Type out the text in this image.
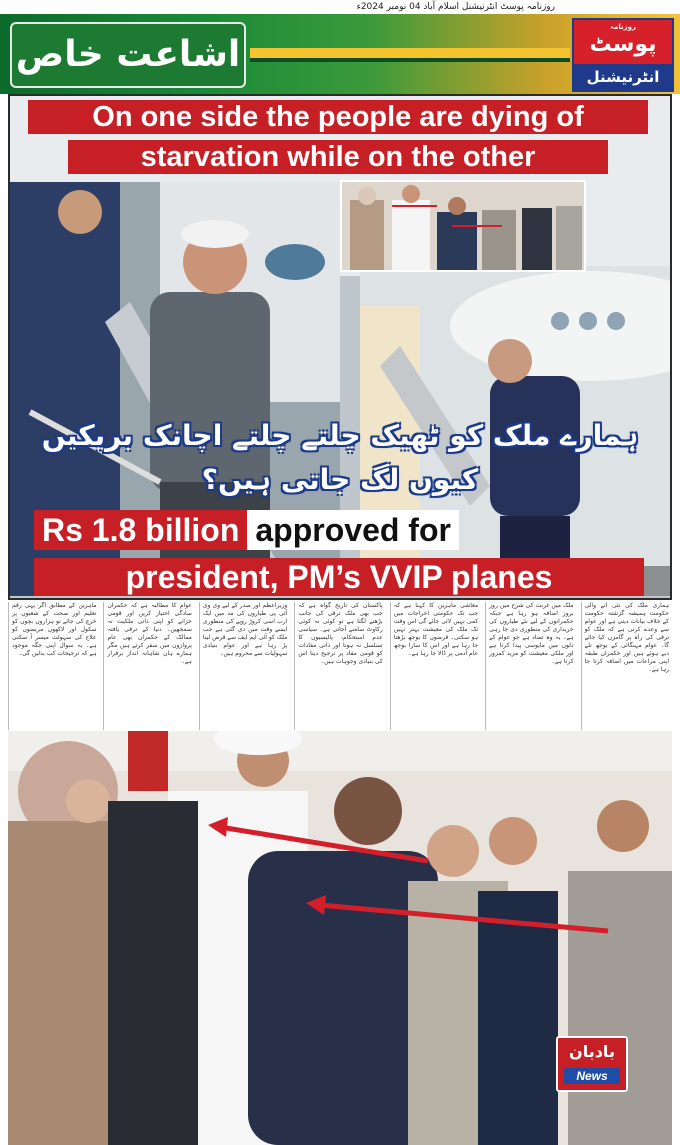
روزنامہ پوسٹ انٹرنیشنل اسلام آباد 04 نومبر 2024ء
اشاعت خاص
روزنامہ
پوسٹ
انٹرنیشنل
On one side the people are dying of
starvation while on the other
ہمارے ملک کو ٹھیک چلتے چلتے اچانک بریکیں کیوں لگ جاتی ہیں؟
Rs 1.8 billion approved for
president, PM’s VVIP planes
ہماری ملک کی نئی آنے والی حکومت ہمیشہ گزشتہ حکومت کے خلاف بیانات دیتی ہے اور عوام سے وعدے کرتی ہے کہ ملک کو ترقی کی راہ پر گامزن کیا جائے گا۔ عوام مہنگائی کے بوجھ تلے دبے ہوئے ہیں اور حکمران طبقہ اپنی مراعات میں اضافہ کرتا جا رہا ہے۔
ملک میں غربت کی شرح میں روز بروز اضافہ ہو رہا ہے جبکہ حکمرانوں کے لیے نئے طیاروں کی خریداری کی منظوری دی جا رہی ہے۔ یہ وہ تضاد ہے جو عوام کے دلوں میں مایوسی پیدا کرتا ہے اور ملکی معیشت کو مزید کمزور کرتا ہے۔
معاشی ماہرین کا کہنا ہے کہ جب تک حکومتی اخراجات میں کمی نہیں لائی جائے گی اس وقت تک ملک کی معیشت بہتر نہیں ہو سکتی۔ قرضوں کا بوجھ بڑھتا جا رہا ہے اور اس کا سارا بوجھ عام آدمی پر ڈالا جا رہا ہے۔
پاکستان کی تاریخ گواہ ہے کہ جب بھی ملک ترقی کی جانب بڑھنے لگتا ہے تو کوئی نہ کوئی رکاوٹ سامنے آجاتی ہے۔ سیاسی عدم استحکام، پالیسیوں کا تسلسل نہ ہونا اور ذاتی مفادات کو قومی مفاد پر ترجیح دینا اس کی بنیادی وجوہات ہیں۔
وزیراعظم اور صدر کے لیے وی وی آئی پی طیاروں کی مد میں ایک ارب اسی کروڑ روپے کی منظوری ایسے وقت میں دی گئی ہے جب ملک کو آئی ایم ایف سے قرض لینا پڑ رہا ہے اور عوام بنیادی سہولیات سے محروم ہیں۔
عوام کا مطالبہ ہے کہ حکمران سادگی اختیار کریں اور قومی خزانے کو اپنی ذاتی ملکیت نہ سمجھیں۔ دنیا کے ترقی یافتہ ممالک کے حکمران بھی عام پروازوں میں سفر کرتے ہیں مگر ہمارے ہاں شاہانہ انداز برقرار ہے۔
ماہرین کے مطابق اگر یہی رقم تعلیم اور صحت کے شعبوں پر خرچ کی جائے تو ہزاروں بچوں کو سکول اور لاکھوں مریضوں کو علاج کی سہولت میسر آ سکتی ہے۔ یہ سوال اپنی جگہ موجود ہے کہ ترجیحات کب بدلیں گی۔
بادبان
News
